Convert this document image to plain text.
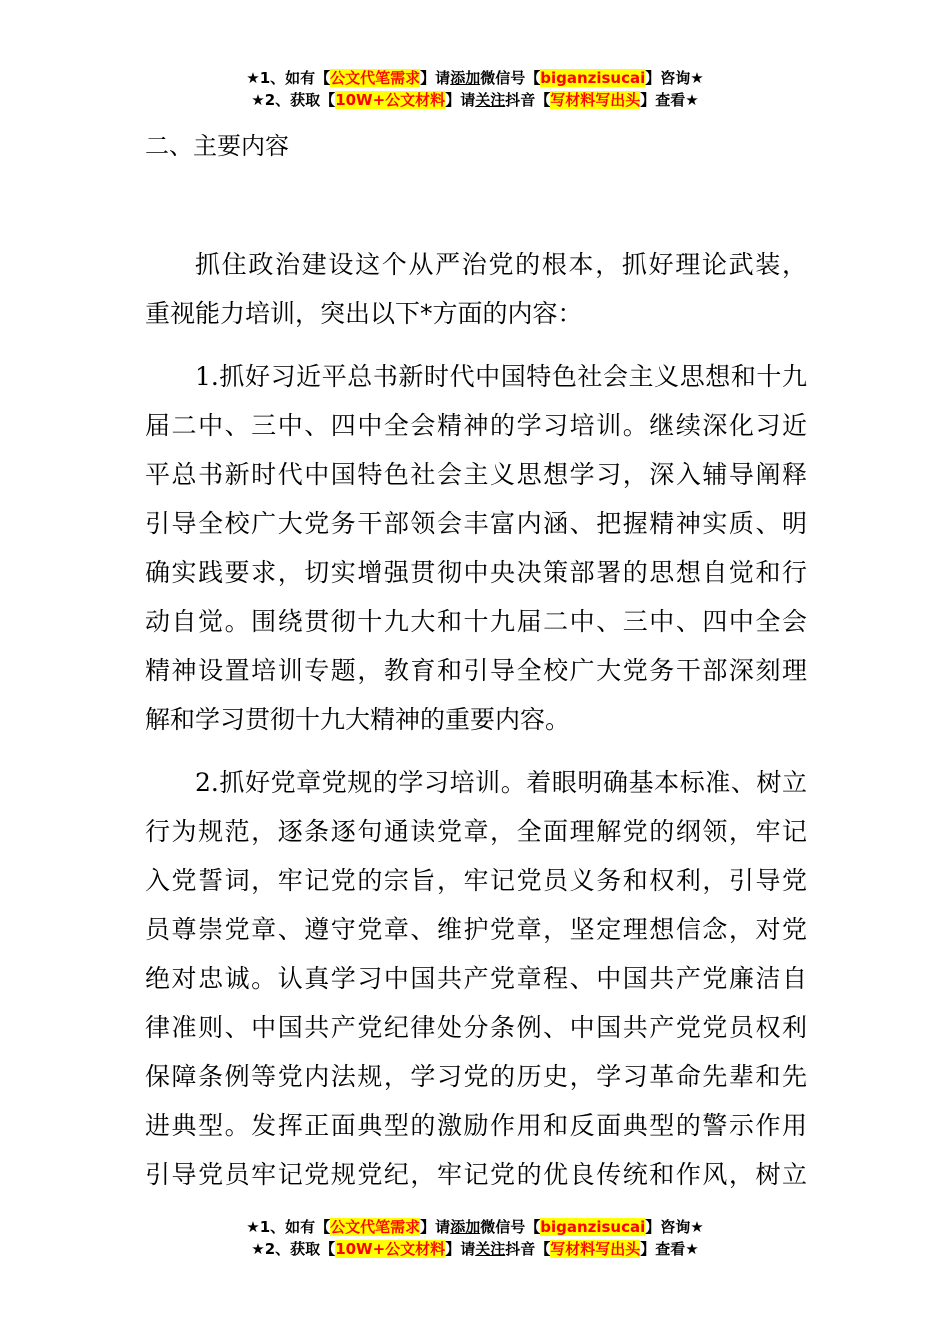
★1、如有【公文代笔需求】请添加微信号【biganzisucai】咨询★
★2、获取【10W+公文材料】请关注抖音【写材料写出头】查看★
二、主要内容
抓住政治建设这个从严治党的根本，抓好理论武装，
重视能力培训，突出以下*方面的内容：
1.抓好习近平总书新时代中国特色社会主义思想和十九
届二中、三中、四中全会精神的学习培训。继续深化习近
平总书新时代中国特色社会主义思想学习，深入辅导阐释
引导全校广大党务干部领会丰富内涵、把握精神实质、明
确实践要求，切实增强贯彻中央决策部署的思想自觉和行
动自觉。围绕贯彻十九大和十九届二中、三中、四中全会
精神设置培训专题，教育和引导全校广大党务干部深刻理
解和学习贯彻十九大精神的重要内容。
2.抓好党章党规的学习培训。着眼明确基本标准、树立
行为规范，逐条逐句通读党章，全面理解党的纲领，牢记
入党誓词，牢记党的宗旨，牢记党员义务和权利，引导党
员尊崇党章、遵守党章、维护党章，坚定理想信念，对党
绝对忠诚。认真学习中国共产党章程、中国共产党廉洁自
律准则、中国共产党纪律处分条例、中国共产党党员权利
保障条例等党内法规，学习党的历史，学习革命先辈和先
进典型。发挥正面典型的激励作用和反面典型的警示作用
引导党员牢记党规党纪，牢记党的优良传统和作风，树立
★1、如有【公文代笔需求】请添加微信号【biganzisucai】咨询★
★2、获取【10W+公文材料】请关注抖音【写材料写出头】查看★
